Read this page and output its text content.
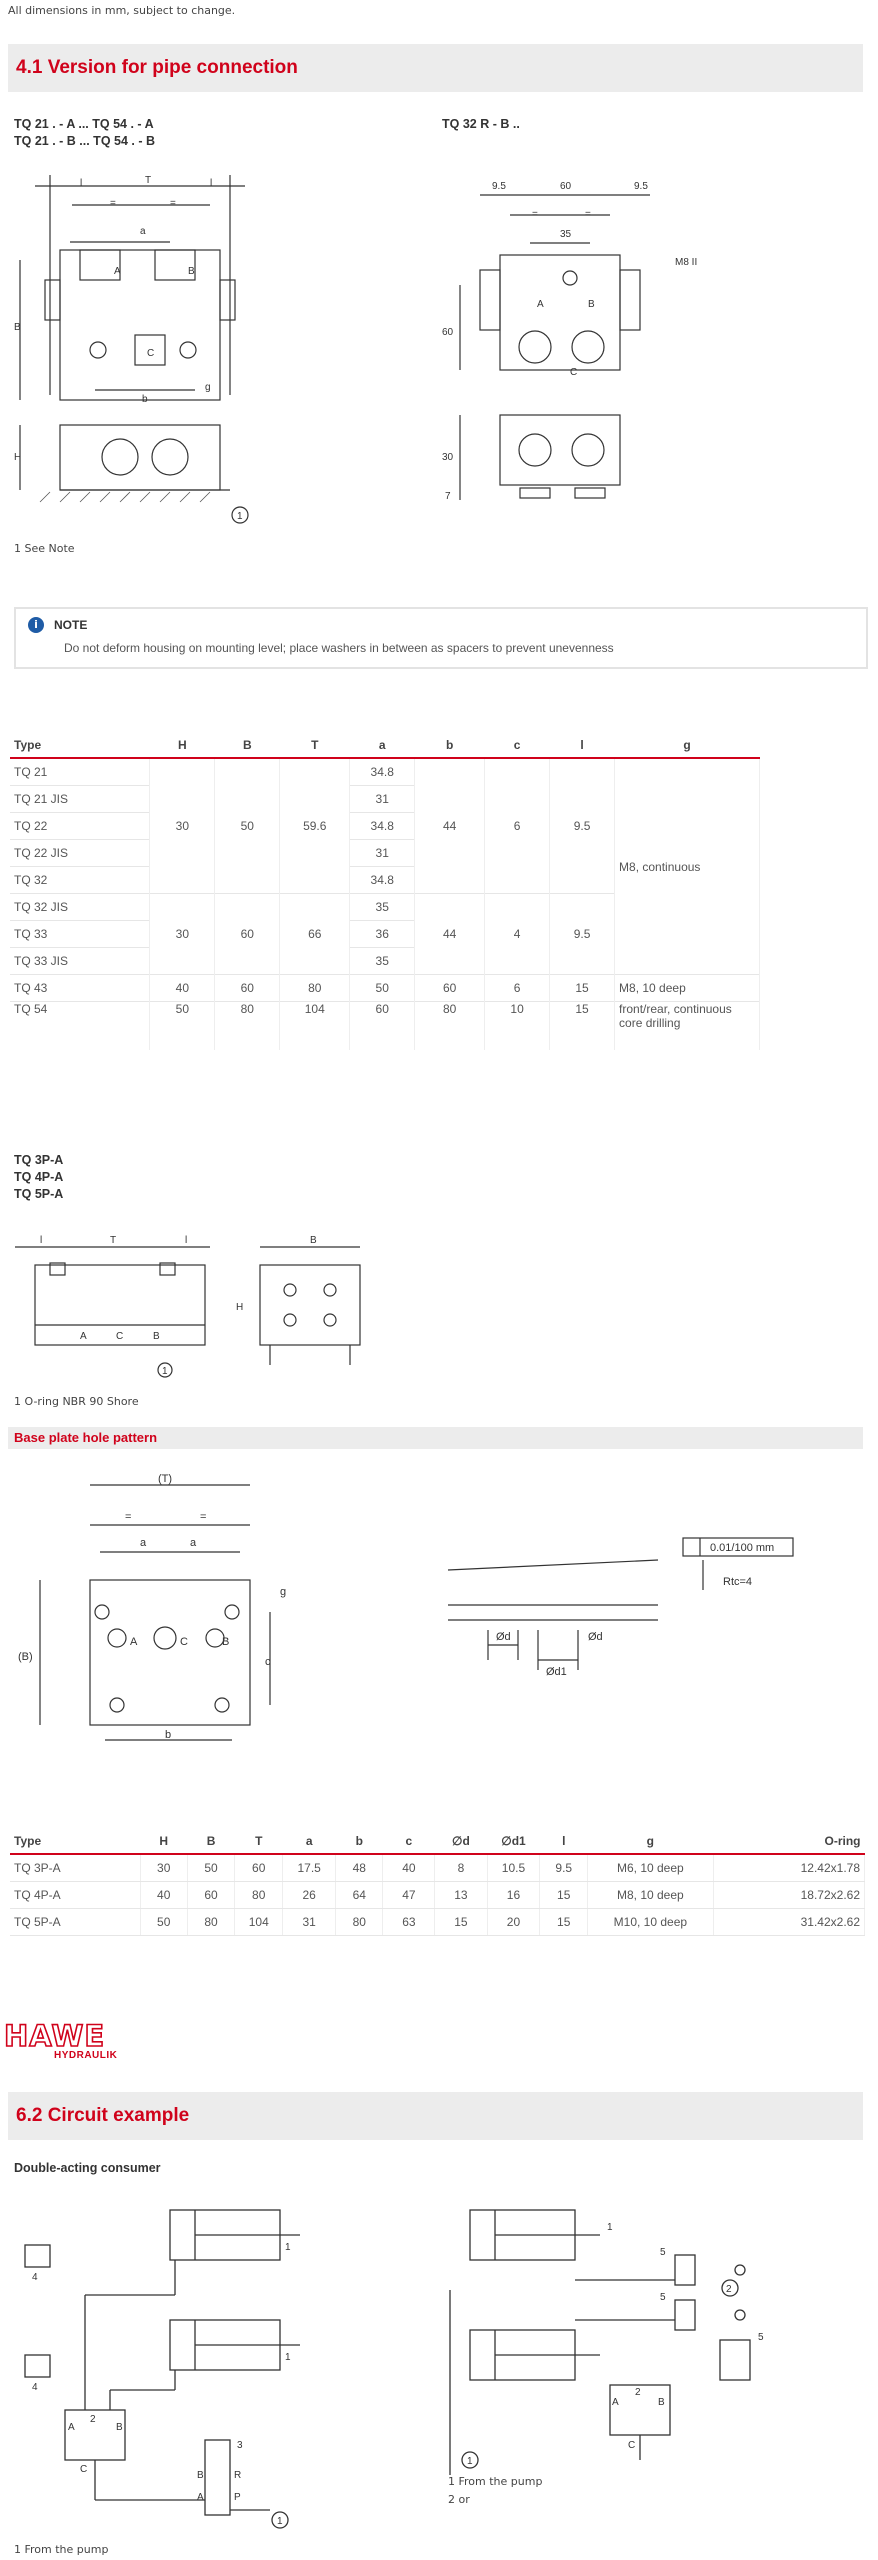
All dimensions in mm, subject to change.
4.1 Version for pipe connection
TQ 21 . - A ... TQ 54 . - A
TQ 21 . - B ... TQ 54 . - B
TQ 32 R - B ..
l	T	l
=	=
a
A	B
C
B
H
b
g
1
9.5	60	9.5
=	=
35
M8 II
A	B
C
60
30
7
1 See Note
i	NOTE
Do not deform housing on mounting level; place washers in between as spacers to prevent unevenness
Type	H	B	T	a	b	c	l	g
TQ 21	30	50	59.6	34.8	44	6	9.5	M8, continuous
TQ 21 JIS				31				
TQ 22				34.8				
TQ 22 JIS				31				
TQ 32				34.8				
TQ 32 JIS	30	60	66	35	44	4	9.5	
TQ 33				36				
TQ 33 JIS				35				
TQ 43	40	60	80	50	60	6	15	M8, 10 deep
TQ 54	50	80	104	60	80	10	15	front/rear, continuous core drilling
TQ 3P-A
TQ 4P-A
TQ 5P-A
l	T	l
A	C	B
1
B
H
1 O-ring NBR 90 Shore
Base plate hole pattern
(T)
=	=
a	a
A	C	B
g
(B)	c
b
0.01/100 mm
Rtc=4
Ød
Ød1
Ød
Type	H	B	T	a	b	c	∅d	∅d1	l	g	O-ring
TQ 3P-A	30	50	60	17.5	48	40	8	10.5	9.5	M6, 10 deep	12.42x1.78
TQ 4P-A	40	60	80	26	64	47	13	16	15	M8, 10 deep	18.72x2.62
TQ 5P-A	50	80	104	31	80	63	15	20	15	M10, 10 deep	31.42x2.62
HAWE
HYDRAULIK
6.2 Circuit example
Double-acting consumer
1
1
4
4
A
2
B
C
3
B	R
A	P
1
1
5
5
2
5
A
2
B
C
1
1 From the pump
2 or
1 From the pump
